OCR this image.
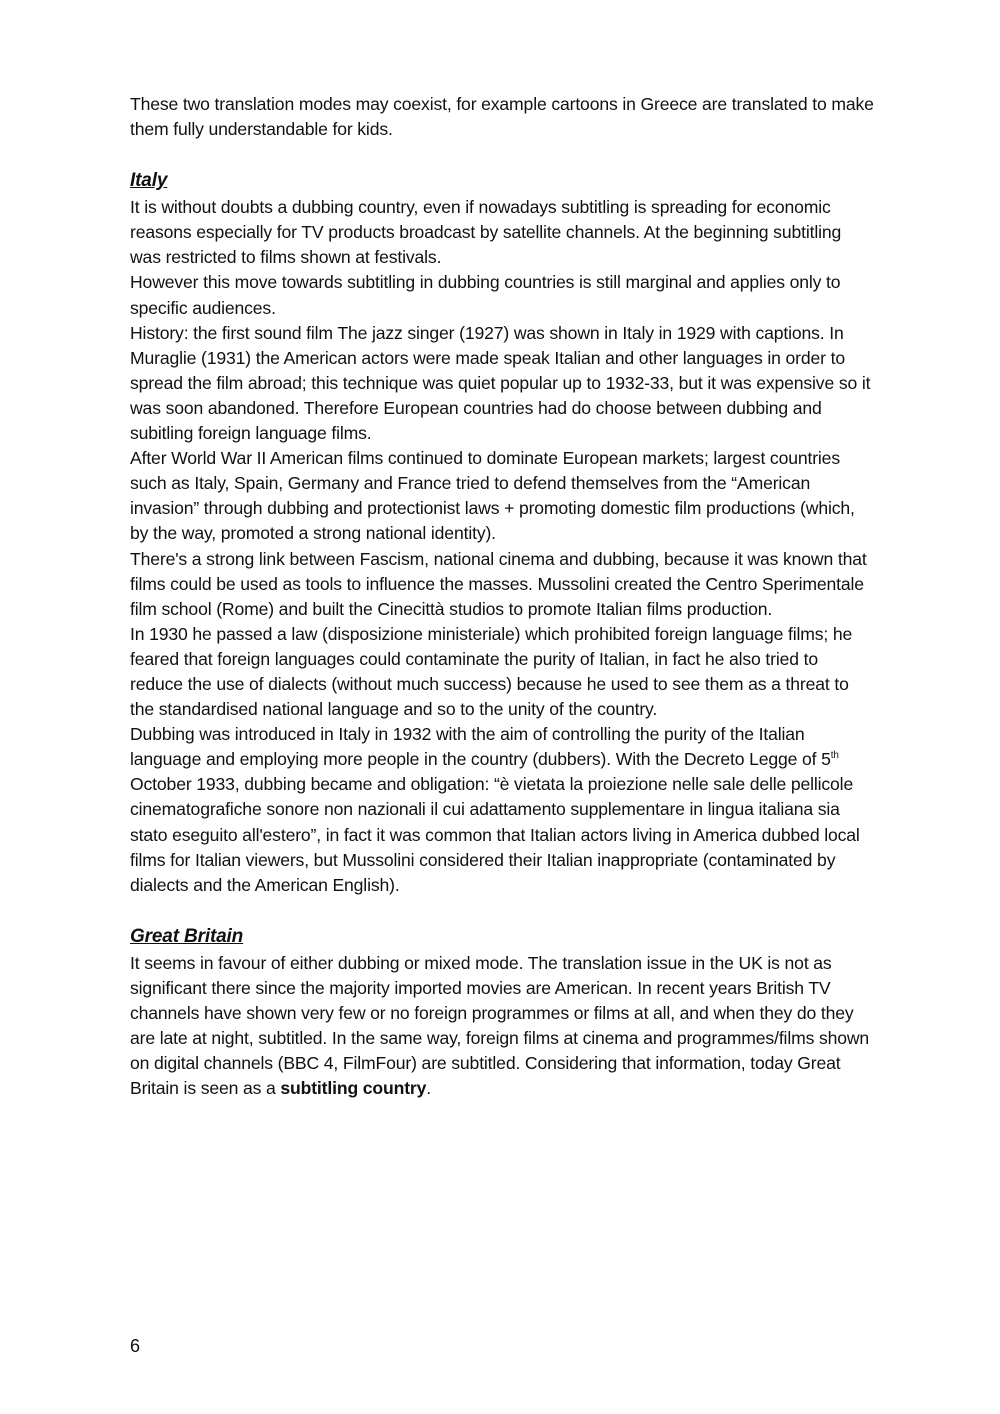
These two translation modes may coexist, for example cartoons in Greece are translated to make them fully understandable for kids.

Italy

It is without doubts a dubbing country, even if nowadays subtitling is spreading for economic reasons especially for TV products broadcast by satellite channels. At the beginning subtitling was restricted to films shown at festivals.

However this move towards subtitling in dubbing countries is still marginal and applies only to specific audiences.

History: the first sound film The jazz singer (1927) was shown in Italy in 1929 with captions. In Muraglie (1931) the American actors were made speak Italian and other languages in order to spread the film abroad; this technique was quiet popular up to 1932-33, but it was expensive so it was soon abandoned. Therefore European countries had do choose between dubbing and subitling foreign language films.

After World War II American films continued to dominate European markets; largest countries such as Italy, Spain, Germany and France tried to defend themselves from the “American invasion” through dubbing and protectionist laws + promoting domestic film productions (which, by the way, promoted a strong national identity).

There's a strong link between Fascism, national cinema and dubbing, because it was known that films could be used as tools to influence the masses. Mussolini created the Centro Sperimentale film school (Rome) and built the Cinecittà studios to promote Italian films production.

In 1930 he passed a law (disposizione ministeriale) which prohibited foreign language films; he feared that foreign languages could contaminate the purity of Italian, in fact he also tried to reduce the use of dialects (without much success) because he used to see them as a threat to the standardised national language and so to the unity of the country.

Dubbing was introduced in Italy in 1932 with the aim of controlling the purity of the Italian language and employing more people in the country (dubbers). With the Decreto Legge of 5th October 1933, dubbing became and obligation: “è vietata la proiezione nelle sale delle pellicole cinematografiche sonore non nazionali il cui adattamento supplementare in lingua italiana sia stato eseguito all'estero”, in fact it was common that Italian actors living in America dubbed local films for Italian viewers, but Mussolini considered their Italian inappropriate (contaminated by dialects and the American English).

Great Britain

It seems in favour of either dubbing or mixed mode. The translation issue in the UK is not as significant there since the majority imported movies are American. In recent years British TV channels have shown very few or no foreign programmes or films at all, and when they do they are late at night, subtitled. In the same way, foreign films at cinema and programmes/films shown on digital channels (BBC 4, FilmFour) are subtitled. Considering that information, today Great Britain is seen as a subtitling country.

6
